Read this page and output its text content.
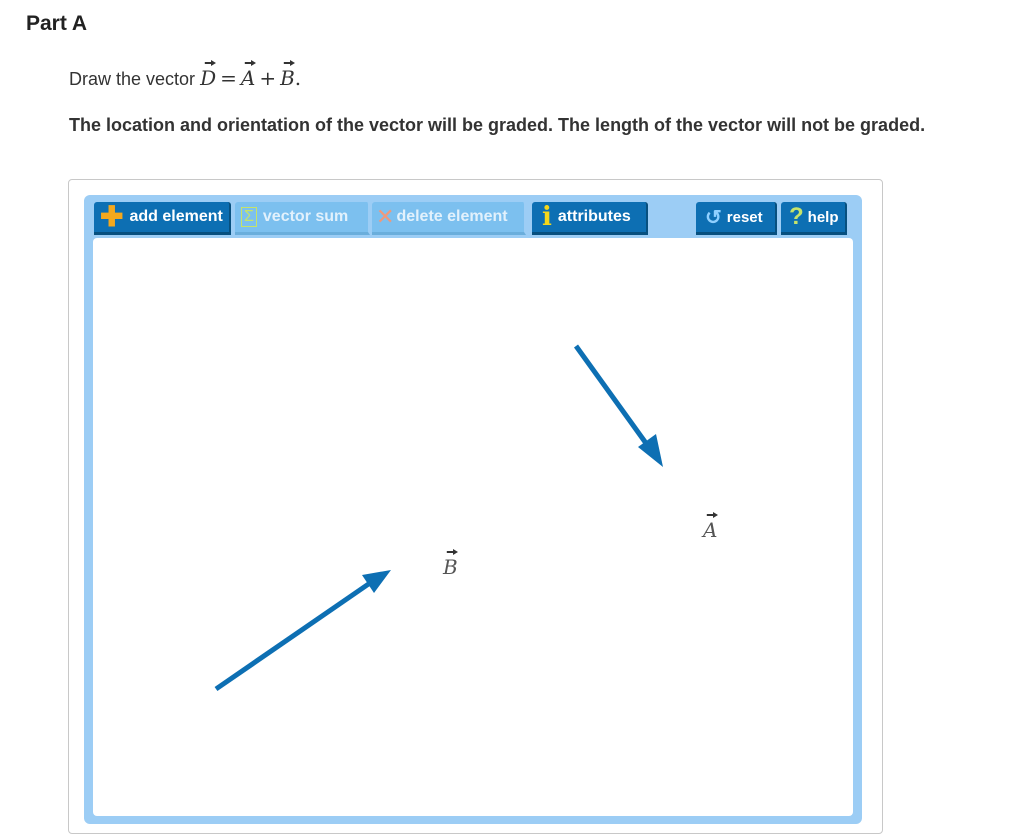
Part A
Draw the vector D = A + B.
The location and orientation of the vector will be graded. The length of the vector will not be graded.
✚ add element Σ vector sum ✕ delete element i attributes	↺ reset ? help
A
B
